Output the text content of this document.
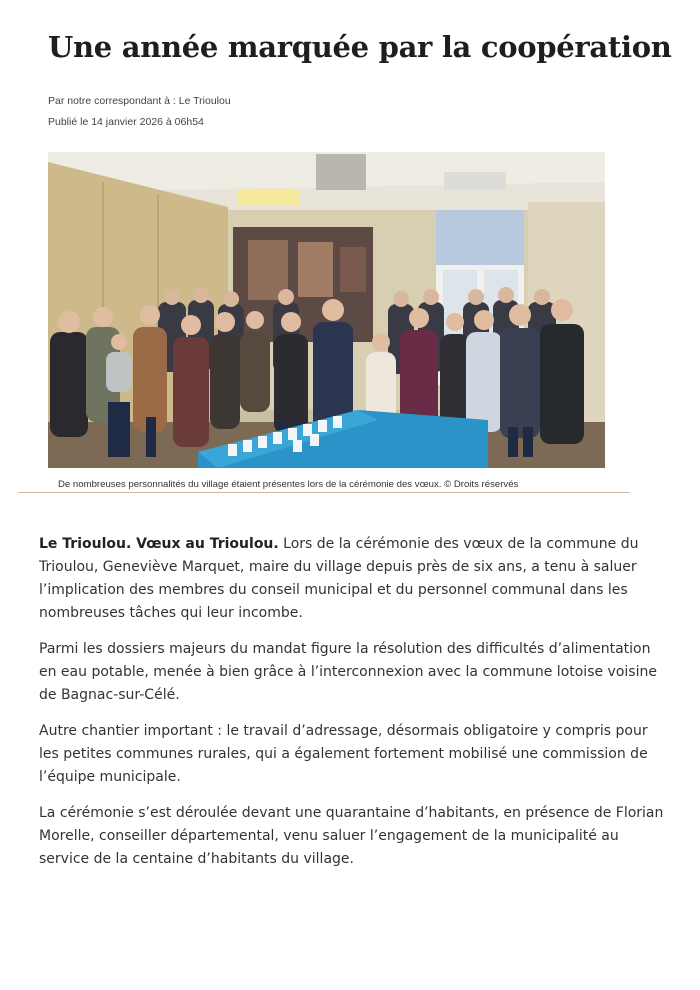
Une année marquée par la coopération
Par notre correspondant à : Le Trioulou
Publié le 14 janvier 2026 à 06h54
De nombreuses personnalités du village étaient présentes lors de la cérémonie des vœux. © Droits réservés

Le Trioulou. Vœux au Trioulou. Lors de la cérémonie des vœux de la commune du Trioulou, Geneviève Marquet, maire du village depuis près de six ans, a tenu à saluer l’implication des membres du conseil municipal et du personnel communal dans les nombreuses tâches qui leur incombe.

Parmi les dossiers majeurs du mandat figure la résolution des difficultés d’alimentation en eau potable, menée à bien grâce à l’interconnexion avec la commune lotoise voisine de Bagnac-sur-Célé.

Autre chantier important : le travail d’adressage, désormais obligatoire y compris pour les petites communes rurales, qui a également fortement mobilisé une commission de l’équipe municipale.

La cérémonie s’est déroulée devant une quarantaine d’habitants, en présence de Florian Morelle, conseiller départemental, venu saluer l’engagement de la municipalité au service de la centaine d’habitants du village.
